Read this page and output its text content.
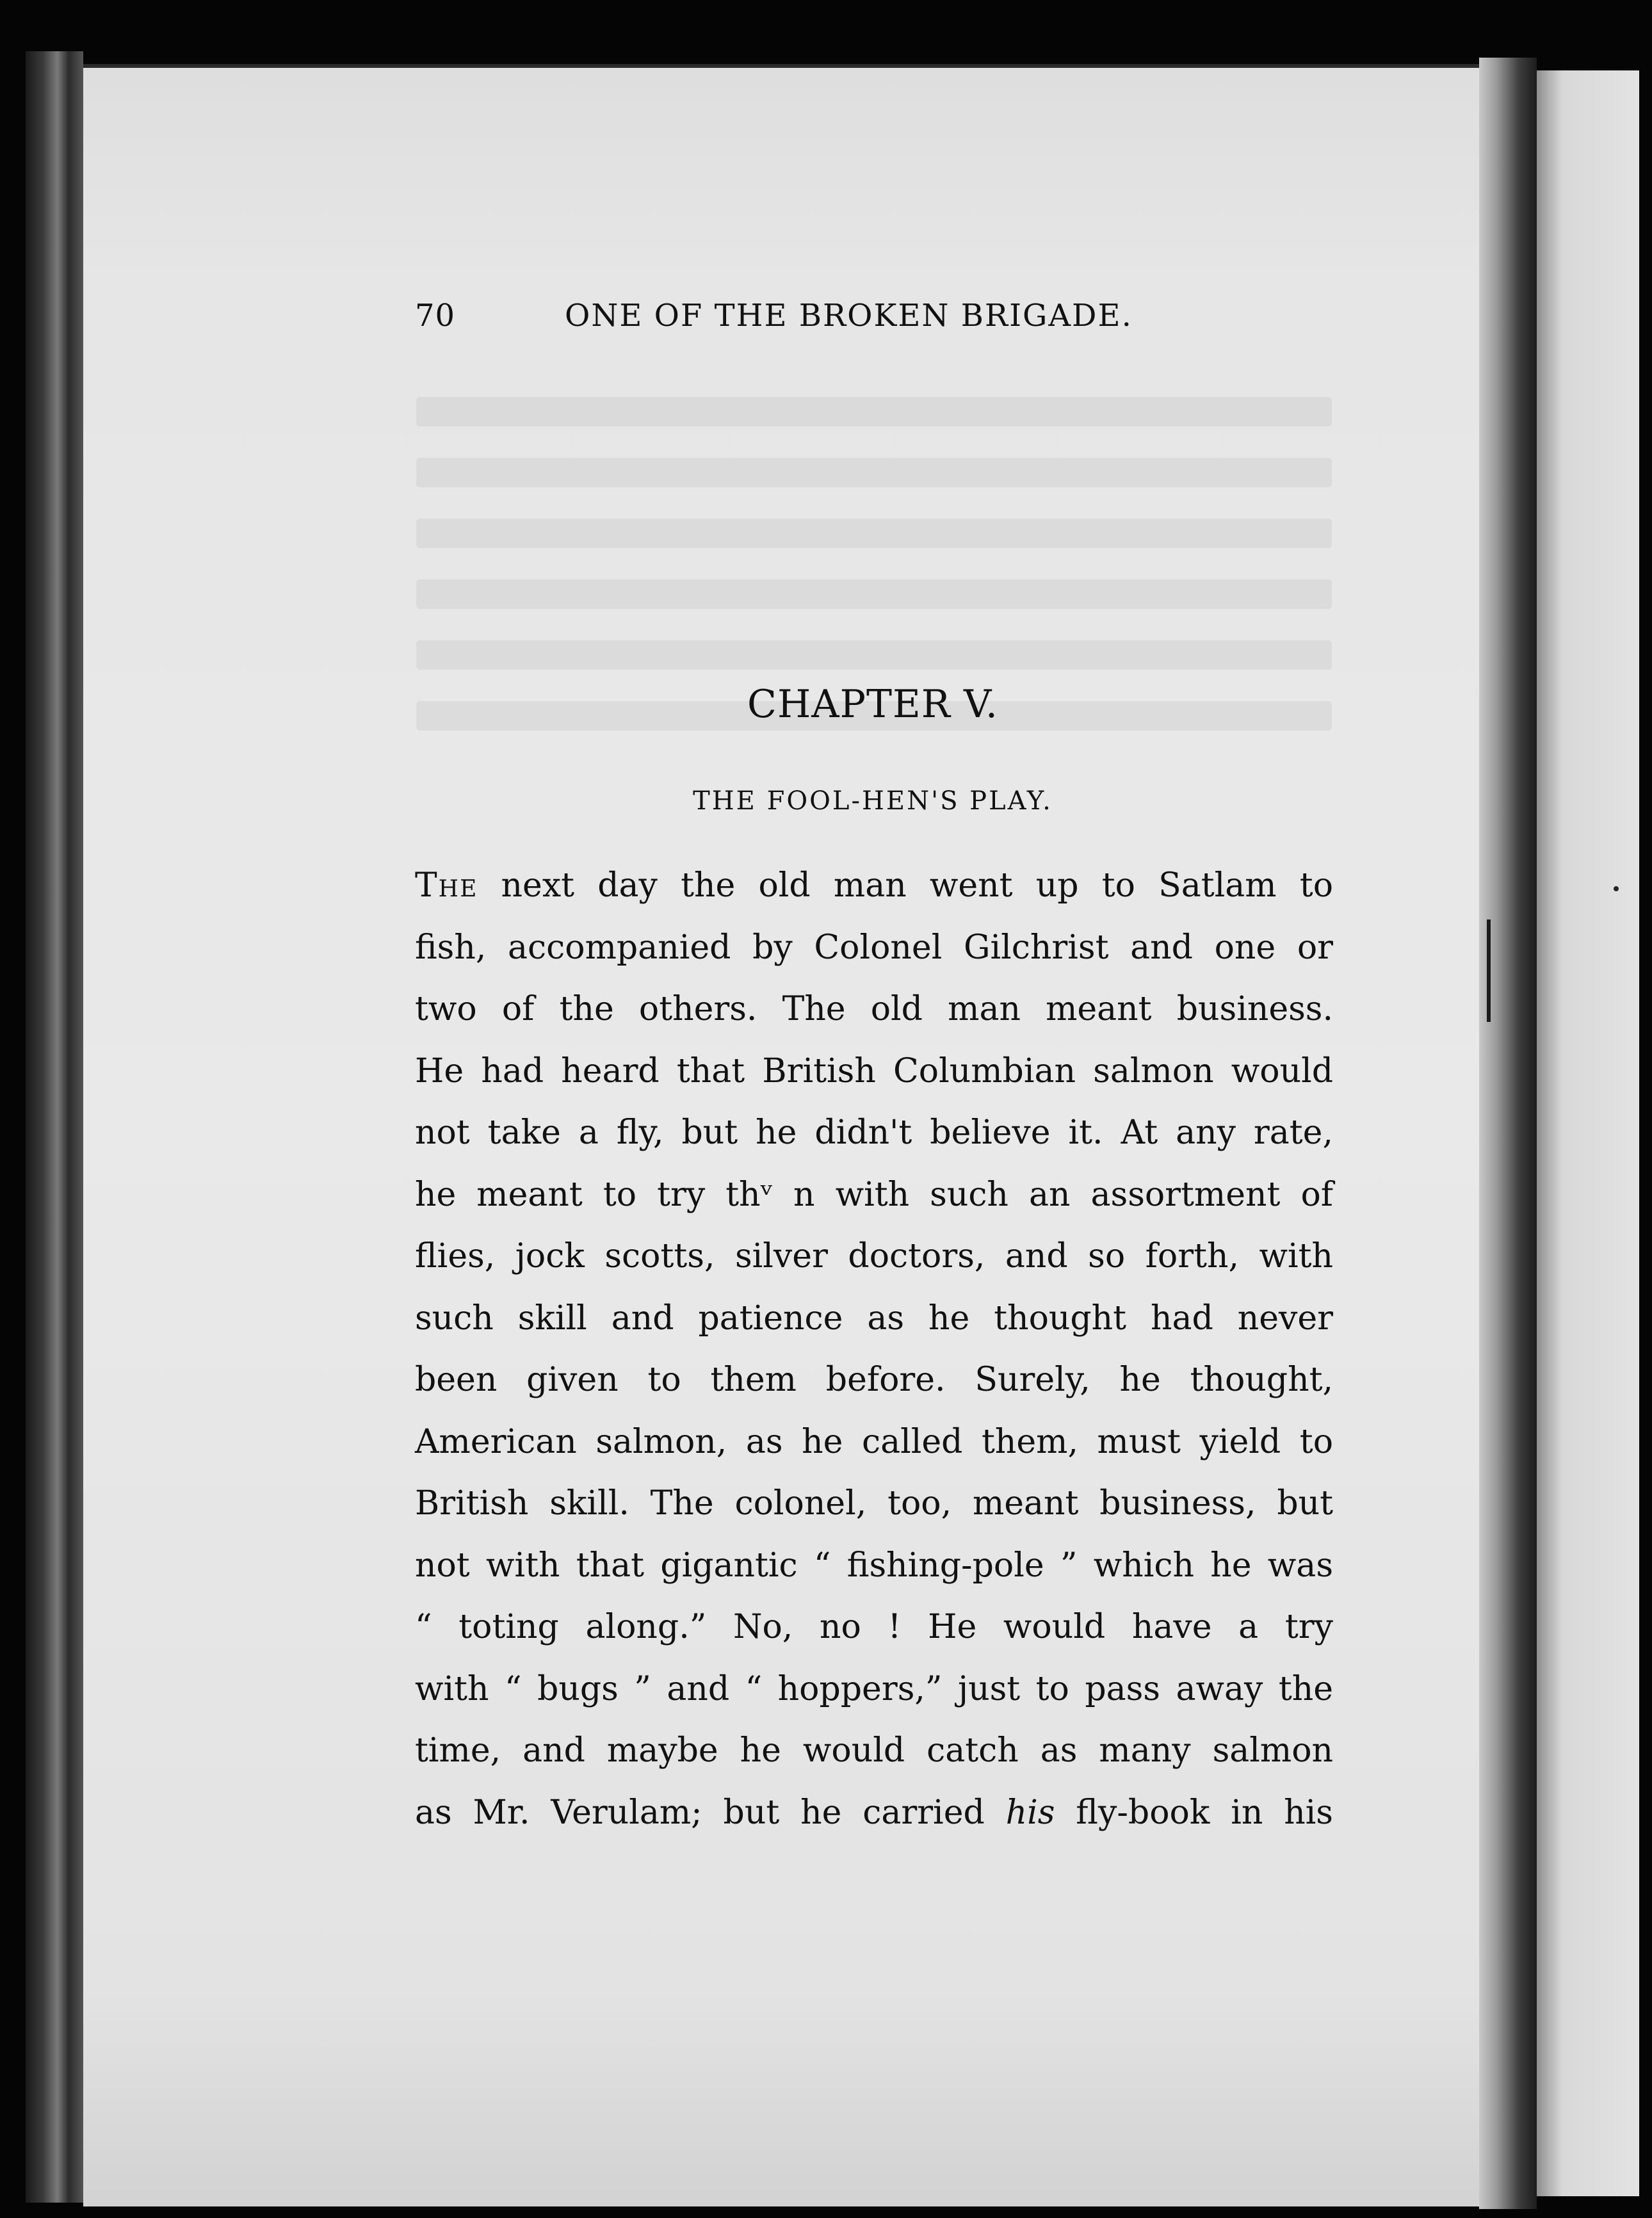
70	ONE OF THE BROKEN BRIGADE.
CHAPTER V.
THE FOOL-HEN'S PLAY.
The next day the old man went up to Satlam to
fish, accompanied by Colonel Gilchrist and one or
two of the others. The old man meant business.
He had heard that British Columbian salmon would
not take a fly, but he didn't believe it. At any rate,
he meant to try thᵛ n with such an assortment of
flies, jock scotts, silver doctors, and so forth, with
such skill and patience as he thought had never
been given to them before. Surely, he thought,
American salmon, as he called them, must yield to
British skill. The colonel, too, meant business, but
not with that gigantic “ fishing-pole ” which he was
“ toting along.” No, no ! He would have a try
with “ bugs ” and “ hoppers,” just to pass away the
time, and maybe he would catch as many salmon
as Mr. Verulam; but he carried his fly-book in his
